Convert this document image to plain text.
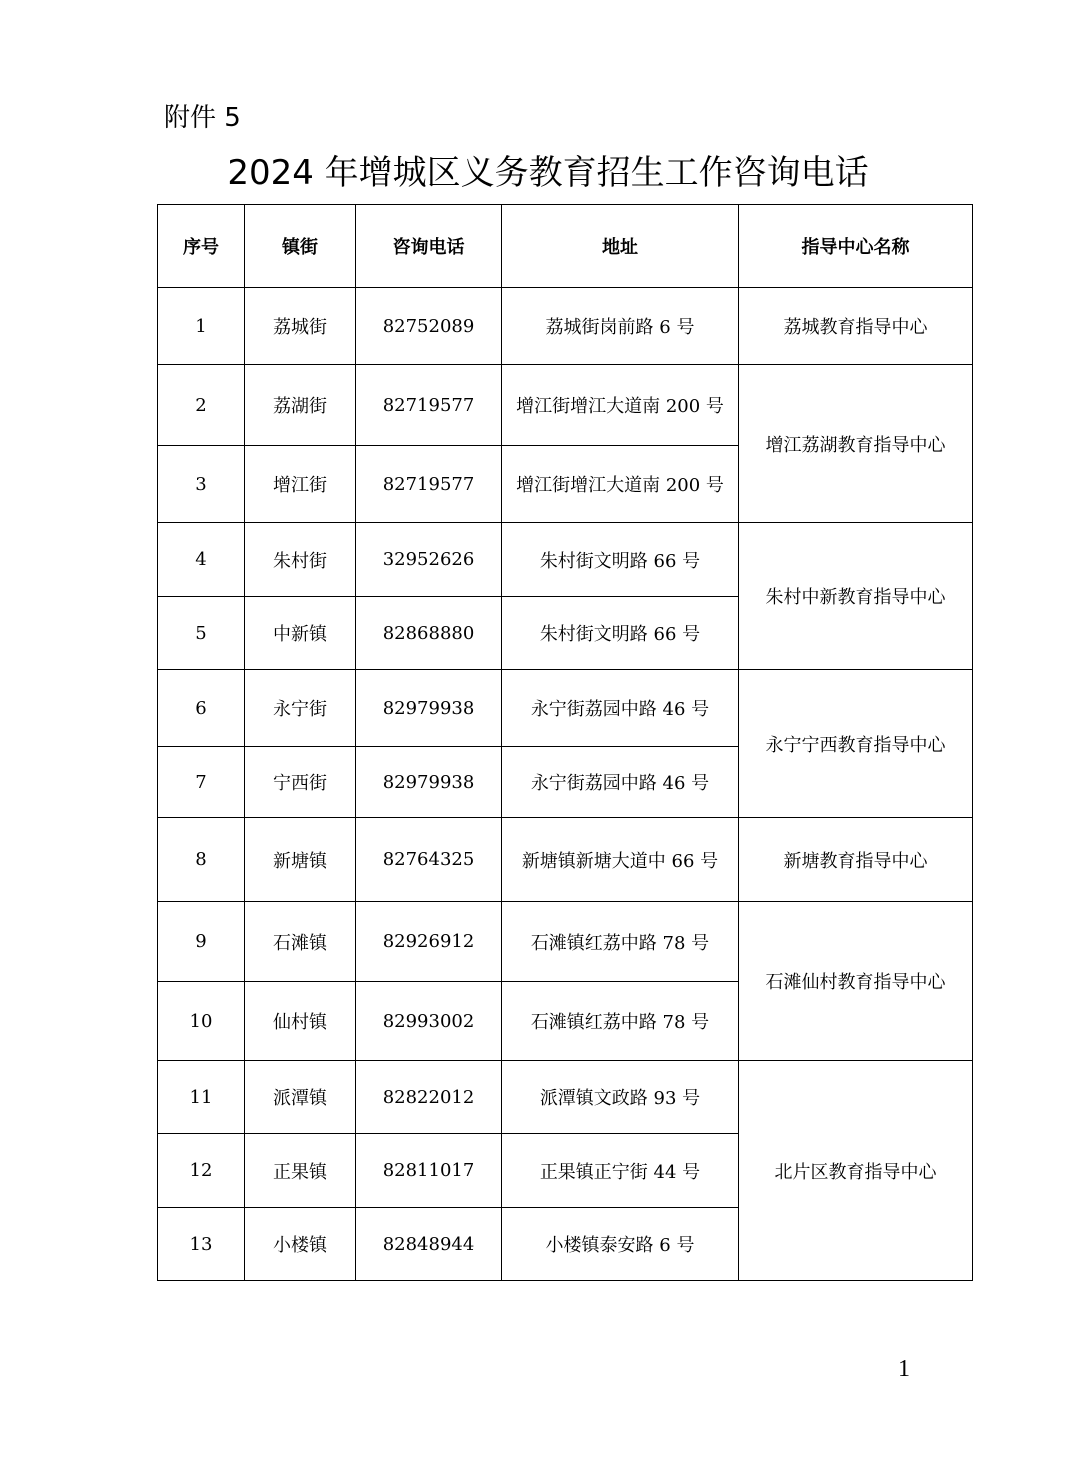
附件 5
2024 年增城区义务教育招生工作咨询电话
序号	镇街	咨询电话	地址	指导中心名称
1	荔城街	82752089	荔城街岗前路 6 号	荔城教育指导中心
2	荔湖街	82719577	增江街增江大道南 200 号	增江荔湖教育指导中心
3	增江街	82719577	增江街增江大道南 200 号	
4	朱村街	32952626	朱村街文明路 66 号	朱村中新教育指导中心
5	中新镇	82868880	朱村街文明路 66 号	
6	永宁街	82979938	永宁街荔园中路 46 号	永宁宁西教育指导中心
7	宁西街	82979938	永宁街荔园中路 46 号	
8	新塘镇	82764325	新塘镇新塘大道中 66 号	新塘教育指导中心
9	石滩镇	82926912	石滩镇红荔中路 78 号	石滩仙村教育指导中心
10	仙村镇	82993002	石滩镇红荔中路 78 号	
11	派潭镇	82822012	派潭镇文政路 93 号	北片区教育指导中心
12	正果镇	82811017	正果镇正宁街 44 号	
13	小楼镇	82848944	小楼镇泰安路 6 号	
1
